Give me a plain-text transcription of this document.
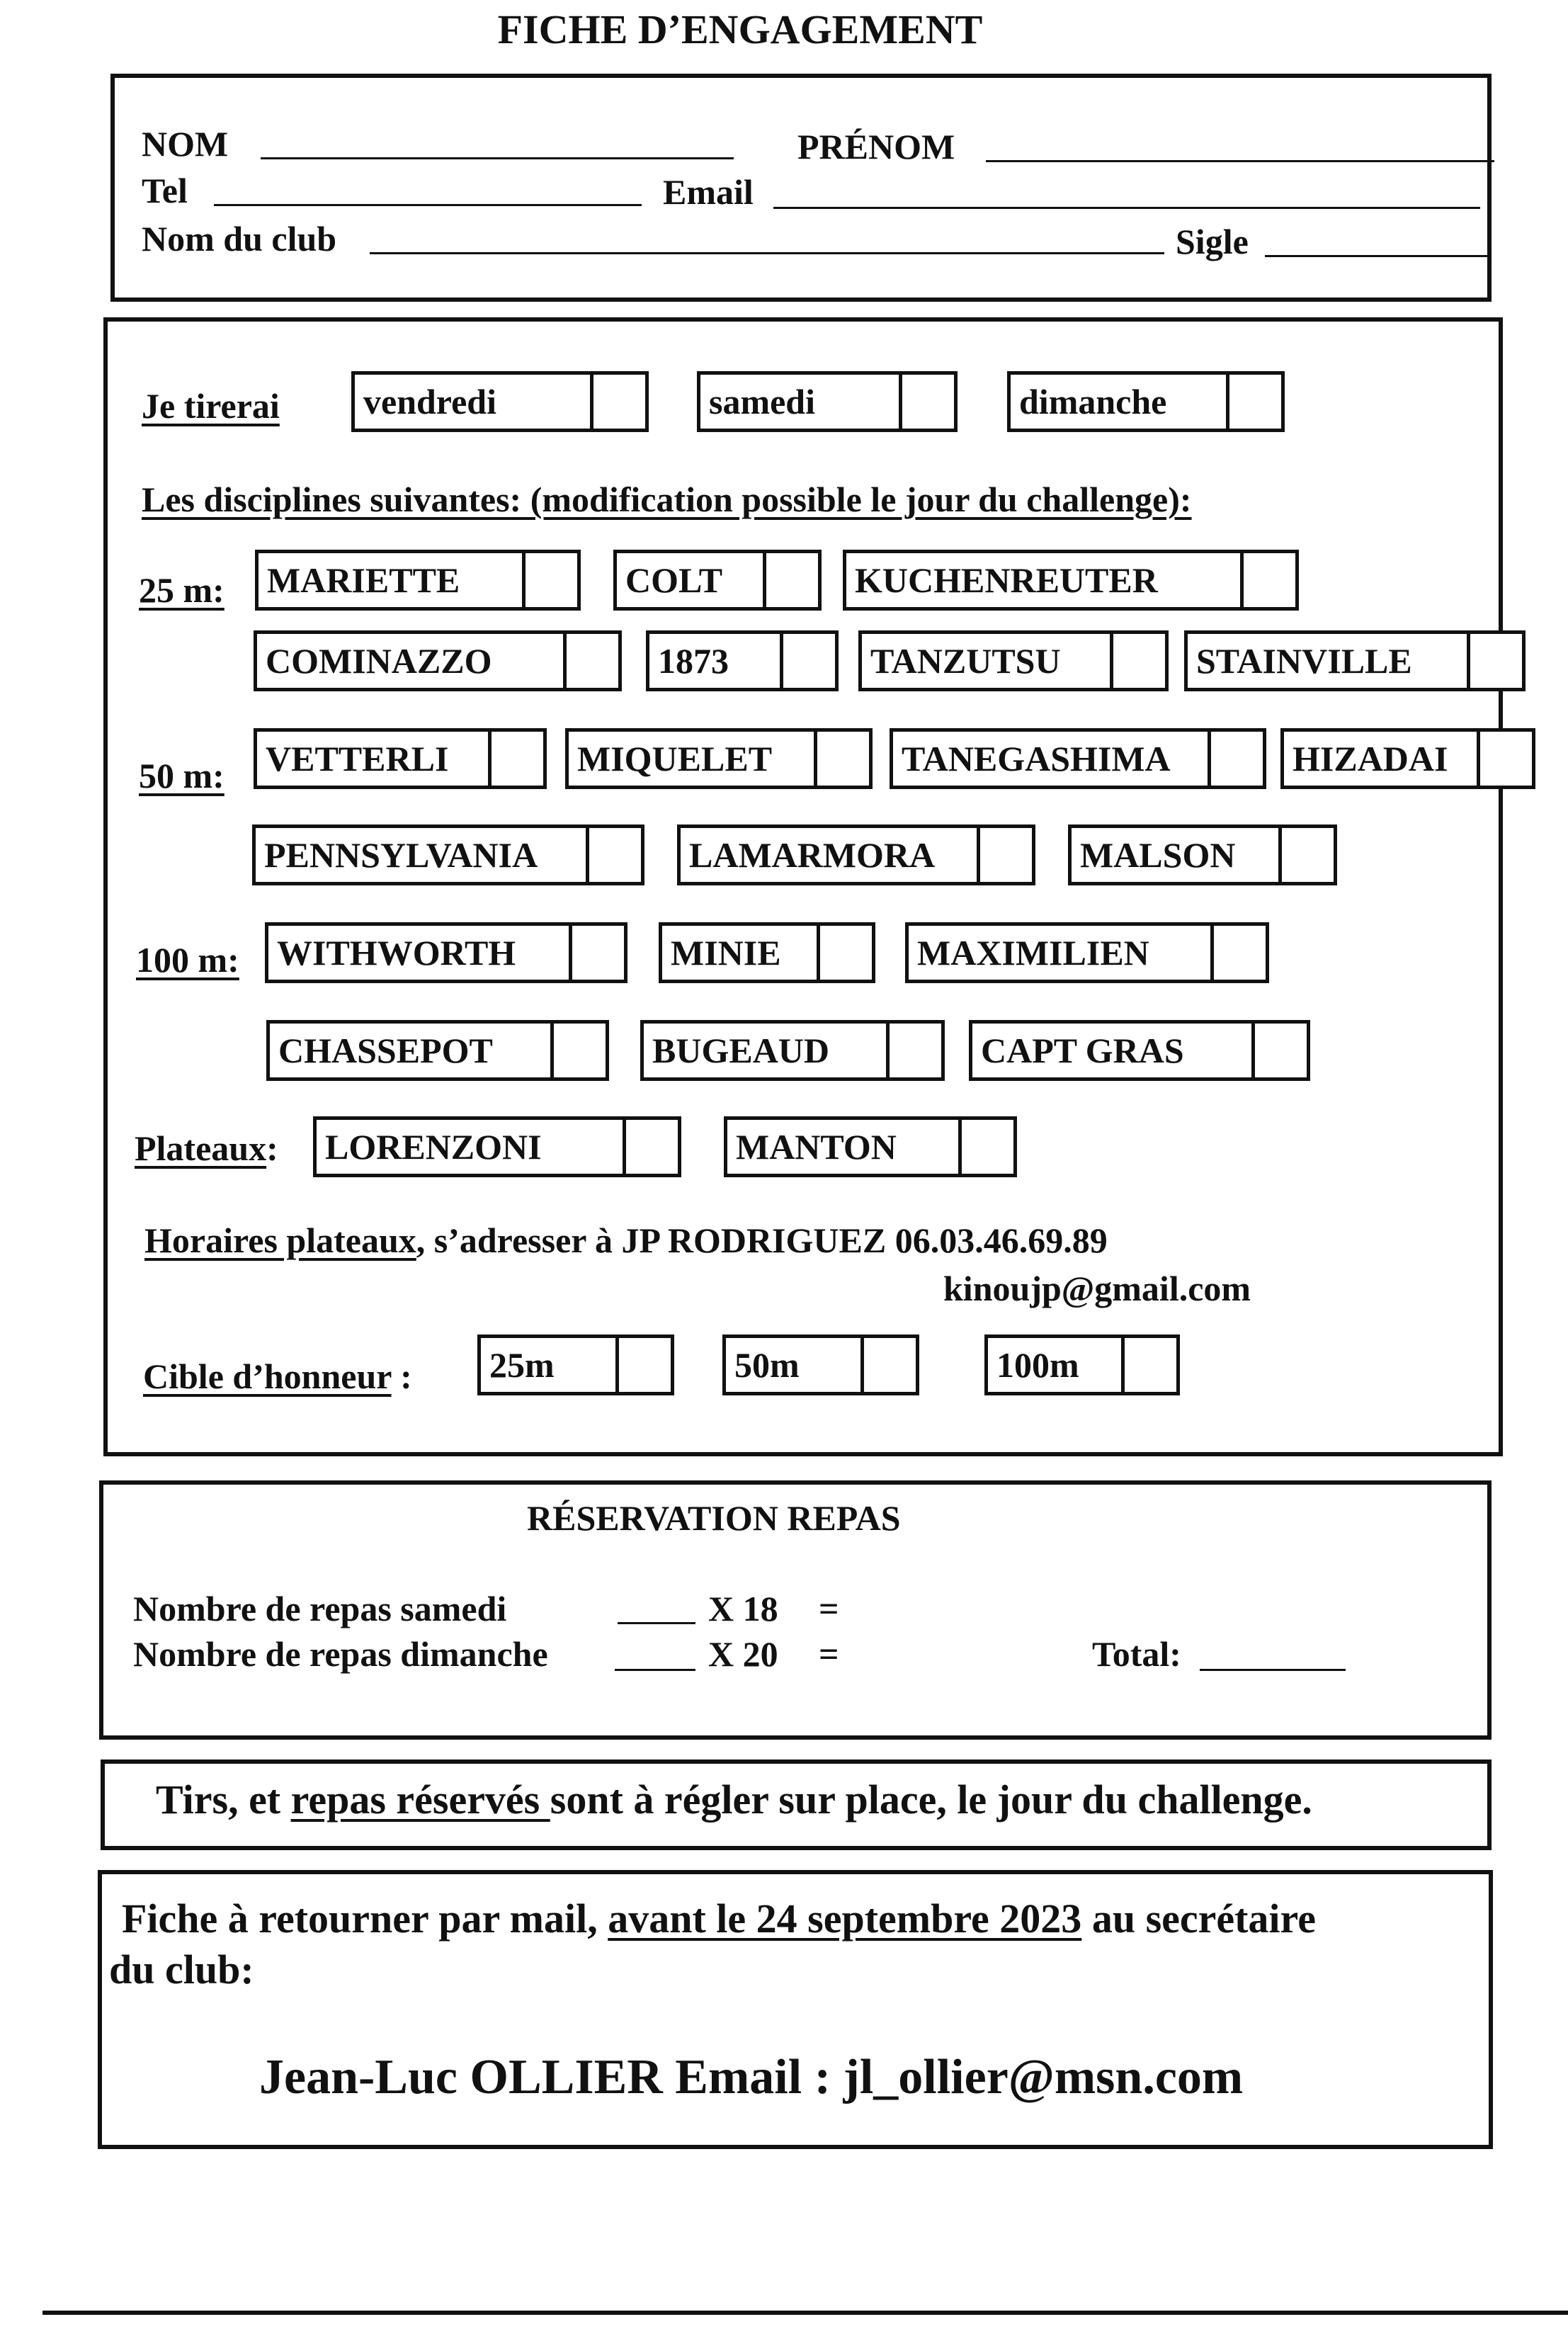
FICHE D’ENGAGEMENT
NOM	PRÉNOM
Tel	Email
Nom du club	Sigle
Je tirerai vendredi	samedi	dimanche
Les disciplines suivantes: (modification possible le jour du challenge):
25 m: MARIETTE	COLT	KUCHENREUTER
COMINAZZO	1873	TANZUTSU	STAINVILLE
50 m: VETTERLI	MIQUELET	TANEGASHIMA	HIZADAI
PENNSYLVANIA	LAMARMORA	MALSON
100 m: WITHWORTH	MINIE	MAXIMILIEN
CHASSEPOT	BUGEAUD	CAPT GRAS
Plateaux: LORENZONI	MANTON
Horaires plateaux, s’adresser à JP RODRIGUEZ 06.03.46.69.89
kinoujp@gmail.com
Cible d’honneur : 25m	50m	100m
RÉSERVATION REPAS
Nombre de repas samedi	X 18 =
Nombre de repas dimanche	X 20 =	Total:
Tirs, et repas réservés sont à régler sur place, le jour du challenge.
Fiche à retourner par mail, avant le 24 septembre 2023 au secrétaire
du club:
Jean-Luc OLLIER Email : jl_ollier@msn.com
